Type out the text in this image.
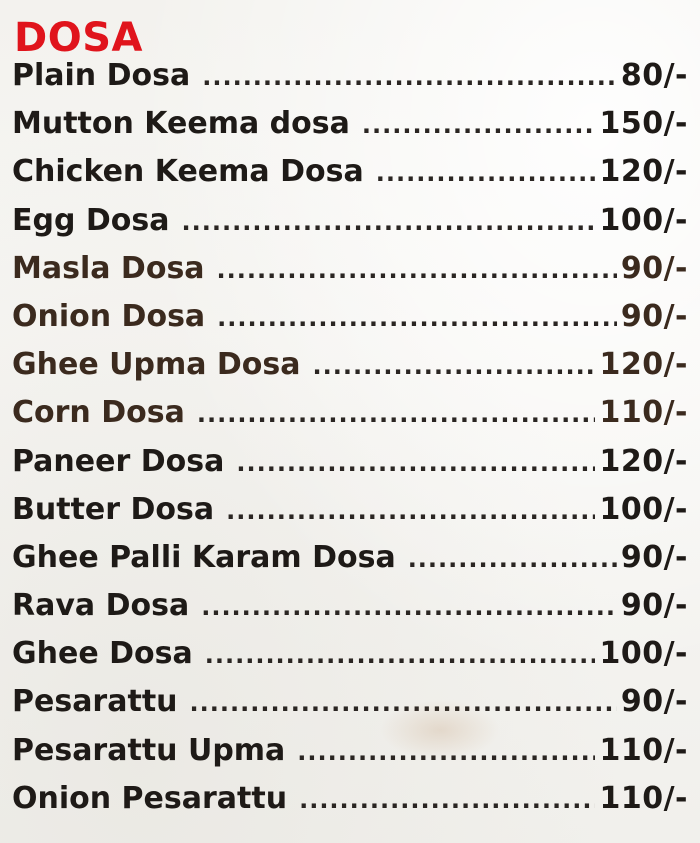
DOSA
Plain Dosa .....	80/-
Mutton Keema dosa .....	150/-
Chicken Keema Dosa .....	120/-
Egg Dosa .....	100/-
Masla Dosa .....	90/-
Onion Dosa .....	90/-
Ghee Upma Dosa .....	120/-
Corn Dosa .....	110/-
Paneer Dosa .....	120/-
Butter Dosa .....	100/-
Ghee Palli Karam Dosa .....	90/-
Rava Dosa .....	90/-
Ghee Dosa .....	100/-
Pesarattu .....	90/-
Pesarattu Upma .....	110/-
Onion Pesarattu .....	110/-
